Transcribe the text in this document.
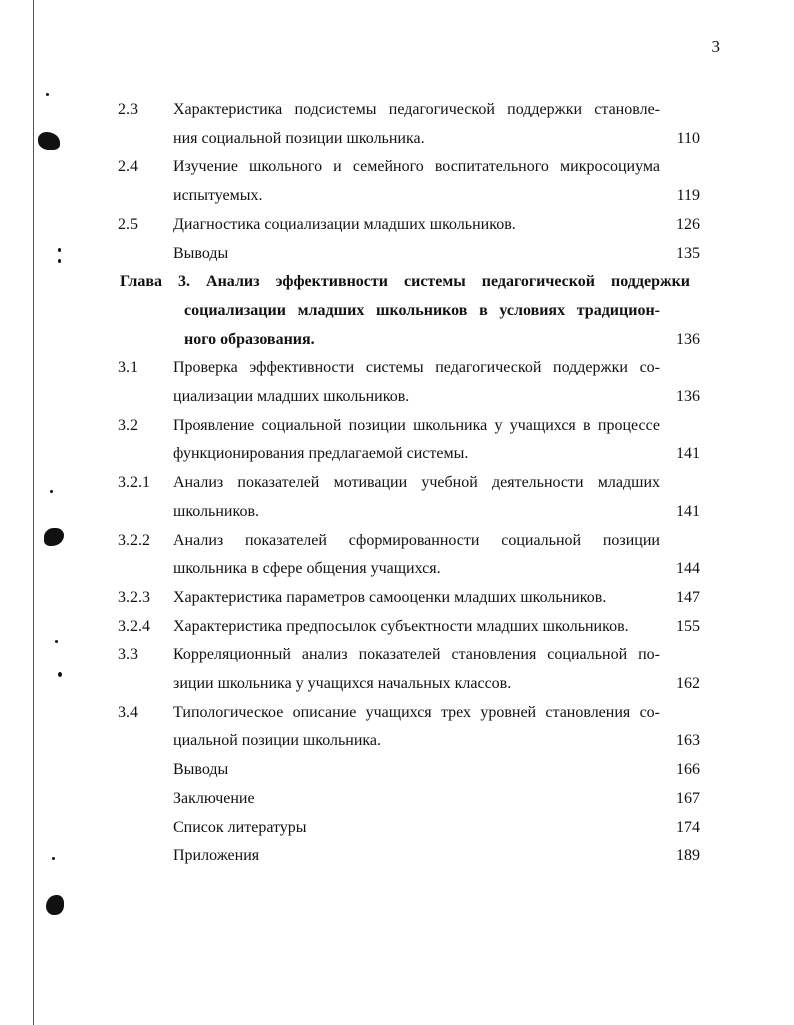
3
2.3 Характеристика подсистемы педагогической поддержки становле-
ния социальной позиции школьника.	110
2.4 Изучение школьного и семейного воспитательного микросоциума
испытуемых.	119
2.5 Диагностика социализации младших школьников.	126
Выводы	135
Глава 3. Анализ эффективности системы педагогической поддержки
социализации младших школьников в условиях традицион-
ного образования.	136
3.1 Проверка эффективности системы педагогической поддержки со-
циализации младших школьников.	136
3.2 Проявление социальной позиции школьника у учащихся в процессе
функционирования предлагаемой системы.	141
3.2.1 Анализ показателей мотивации учебной деятельности младших
школьников.	141
3.2.2 Анализ показателей сформированности социальной позиции
школьника в сфере общения учащихся.	144
3.2.3 Характеристика параметров самооценки младших школьников.	147
3.2.4 Характеристика предпосылок субъектности младших школьников.	155
3.3 Корреляционный анализ показателей становления социальной по-
зиции школьника у учащихся начальных классов.	162
3.4 Типологическое описание учащихся трех уровней становления со-
циальной позиции школьника.	163
Выводы	166
Заключение	167
Список литературы	174
Приложения	189
